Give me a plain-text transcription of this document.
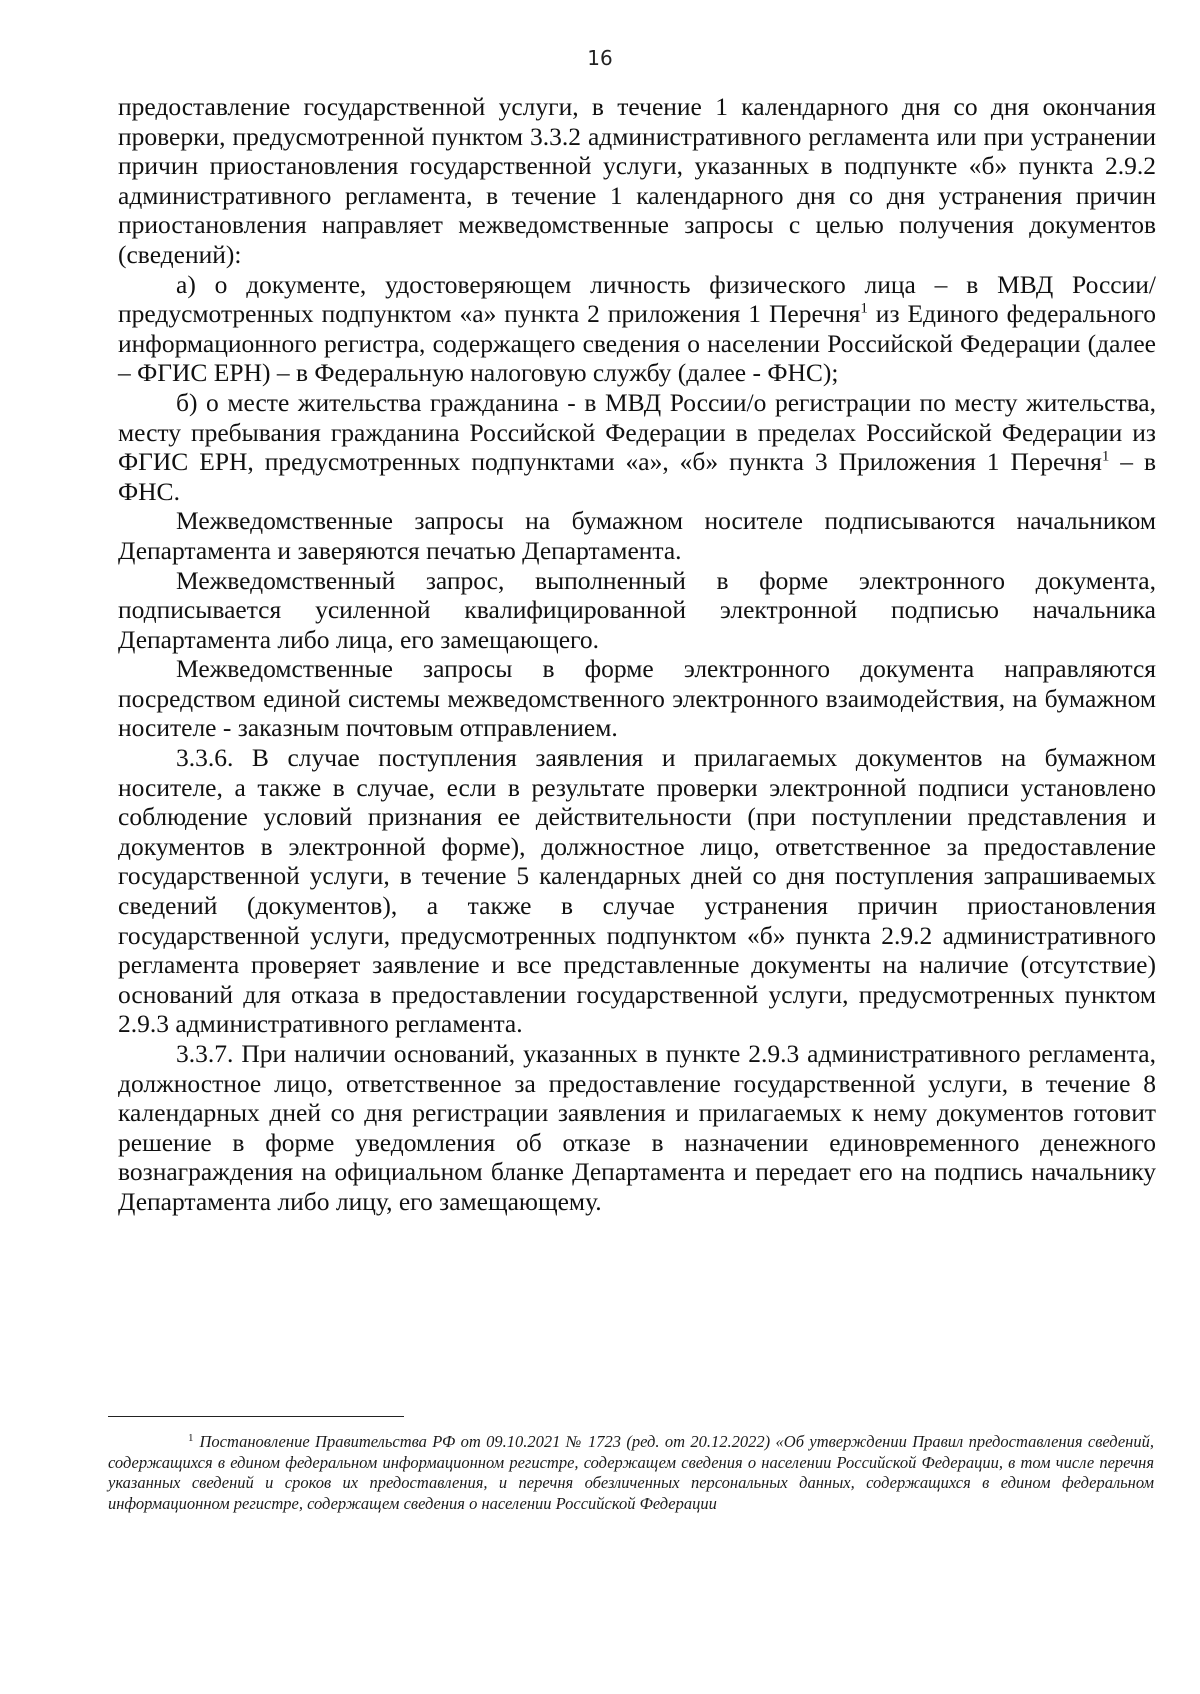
16

предоставление государственной услуги, в течение 1 календарного дня со дня окончания проверки, предусмотренной пунктом 3.3.2 административного регламента или при устранении причин приостановления государственной услуги, указанных в подпункте «б» пункта 2.9.2 административного регламента, в течение 1 календарного дня со дня устранения причин приостановления направляет межведомственные запросы с целью получения документов (сведений):

а) о документе, удостоверяющем личность физического лица – в МВД России/предусмотренных подпунктом «а» пункта 2 приложения 1 Перечня$^1$ из Единого федерального информационного регистра, содержащего сведения о населении Российской Федерации (далее – ФГИС ЕРН) – в Федеральную налоговую службу (далее - ФНС);

б) о месте жительства гражданина - в МВД России/о регистрации по месту жительства, месту пребывания гражданина Российской Федерации в пределах Российской Федерации из ФГИС ЕРН, предусмотренных подпунктами «а», «б» пункта 3 Приложения 1 Перечня$^1$ – в ФНС.

Межведомственные запросы на бумажном носителе подписываются начальником Департамента и заверяются печатью Департамента.

Межведомственный запрос, выполненный в форме электронного документа, подписывается усиленной квалифицированной электронной подписью начальника Департамента либо лица, его замещающего.

Межведомственные запросы в форме электронного документа направляются посредством единой системы межведомственного электронного взаимодействия, на бумажном носителе - заказным почтовым отправлением.

3.3.6. В случае поступления заявления и прилагаемых документов на бумажном носителе, а также в случае, если в результате проверки электронной подписи установлено соблюдение условий признания ее действительности (при поступлении представления и документов в электронной форме), должностное лицо, ответственное за предоставление государственной услуги, в течение 5 календарных дней со дня поступления запрашиваемых сведений (документов), а также в случае устранения причин приостановления государственной услуги, предусмотренных подпунктом «б» пункта 2.9.2 административного регламента проверяет заявление и все представленные документы на наличие (отсутствие) оснований для отказа в предоставлении государственной услуги, предусмотренных пунктом 2.9.3 административного регламента.

3.3.7. При наличии оснований, указанных в пункте 2.9.3 административного регламента, должностное лицо, ответственное за предоставление государственной услуги, в течение 8 календарных дней со дня регистрации заявления и прилагаемых к нему документов готовит решение в форме уведомления об отказе в назначении единовременного денежного вознаграждения на официальном бланке Департамента и передает его на подпись начальнику Департамента либо лицу, его замещающему.

$^1$ Постановление Правительства РФ от 09.10.2021 № 1723 (ред. от 20.12.2022) «Об утверждении Правил предоставления сведений, содержащихся в едином федеральном информационном регистре, содержащем сведения о населении Российской Федерации, в том числе перечня указанных сведений и сроков их предоставления, и перечня обезличенных персональных данных, содержащихся в едином федеральном информационном регистре, содержащем сведения о населении Российской Федерации
